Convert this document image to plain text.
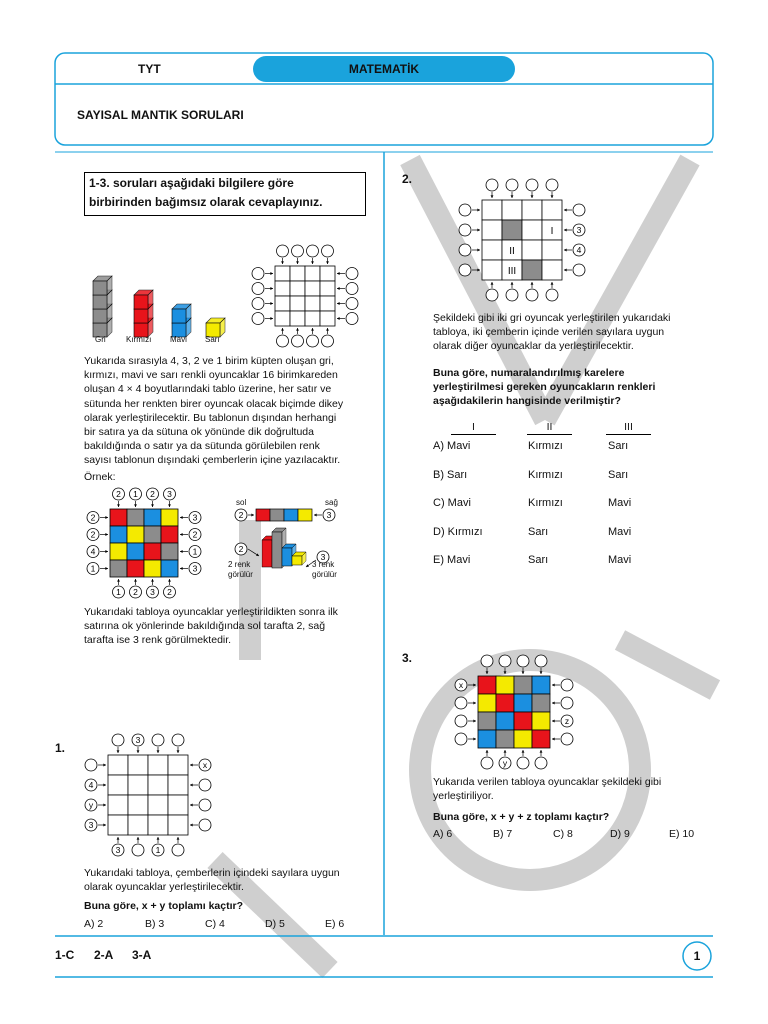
TYT	MATEMATİK
SAYISAL MANTIK SORULARI
1-3. soruları aşağıdaki bilgilere göre
birbirinden bağımsız olarak cevaplayınız.
Gri	Kırmızı Mavi Sarı
Yukarıda sırasıyla 4, 3, 2 ve 1 birim küpten oluşan gri,
kırmızı, mavi ve sarı renkli oyuncaklar 16 birimkareden
oluşan 4 × 4 boyutlarındaki tablo üzerine, her satır ve
sütunda her renkten birer oyuncak olacak biçimde dikey
olarak yerleştirilecektir. Bu tablonun dışından herhangi
bir satıra ya da sütuna ok yönünde dik doğrultuda
bakıldığında o satır ya da sütunda görülebilen renk
sayısı tablonun dışındaki çemberlerin içine yazılacaktır.
Örnek:
2
1
2	3
1
2
2	2
2
3
4	1
3
2
1	3
sol	sağ
2	3
2
3
2 renk
görülür
3 renk
görülür
Yukarıdaki tabloya oyuncaklar yerleştirildikten sonra ilk
satırına ok yönlerinde bakıldığında sol tarafta 2, sağ
tarafta ise 3 renk görülmektedir.
1.
3
x
3
4
1
y
3
Yukarıdaki tabloya, çemberlerin içindeki sayılara uygun
olarak oyuncaklar yerleştirilecektir.
Buna göre, x + y toplamı kaçtır?
A) 2	B) 3	C) 4	D) 5	E) 6
2.
3
4
I
II
III
Şekildeki gibi iki gri oyuncak yerleştirilen yukarıdaki
tabloya, iki çemberin içinde verilen sayılara uygun
olarak diğer oyuncaklar da yerleştirilecektir.
Buna göre, numaralandırılmış karelere
yerleştirilmesi gereken oyuncakların renkleri
aşağıdakilerin hangisinde verilmiştir?
I	II	III
A) Mavi	Kırmızı	Sarı
B) Sarı	Kırmızı	Sarı
C) Mavi	Kırmızı	Mavi
D) Kırmızı	Sarı	Mavi
E) Mavi	Sarı	Mavi
3.
x
y
z
Yukarıda verilen tabloya oyuncaklar şekildeki gibi
yerleştiriliyor.
Buna göre, x + y + z toplamı kaçtır?
A) 6	B) 7	C) 8	D) 9	E) 10
1-C 2-A 3-A	1
